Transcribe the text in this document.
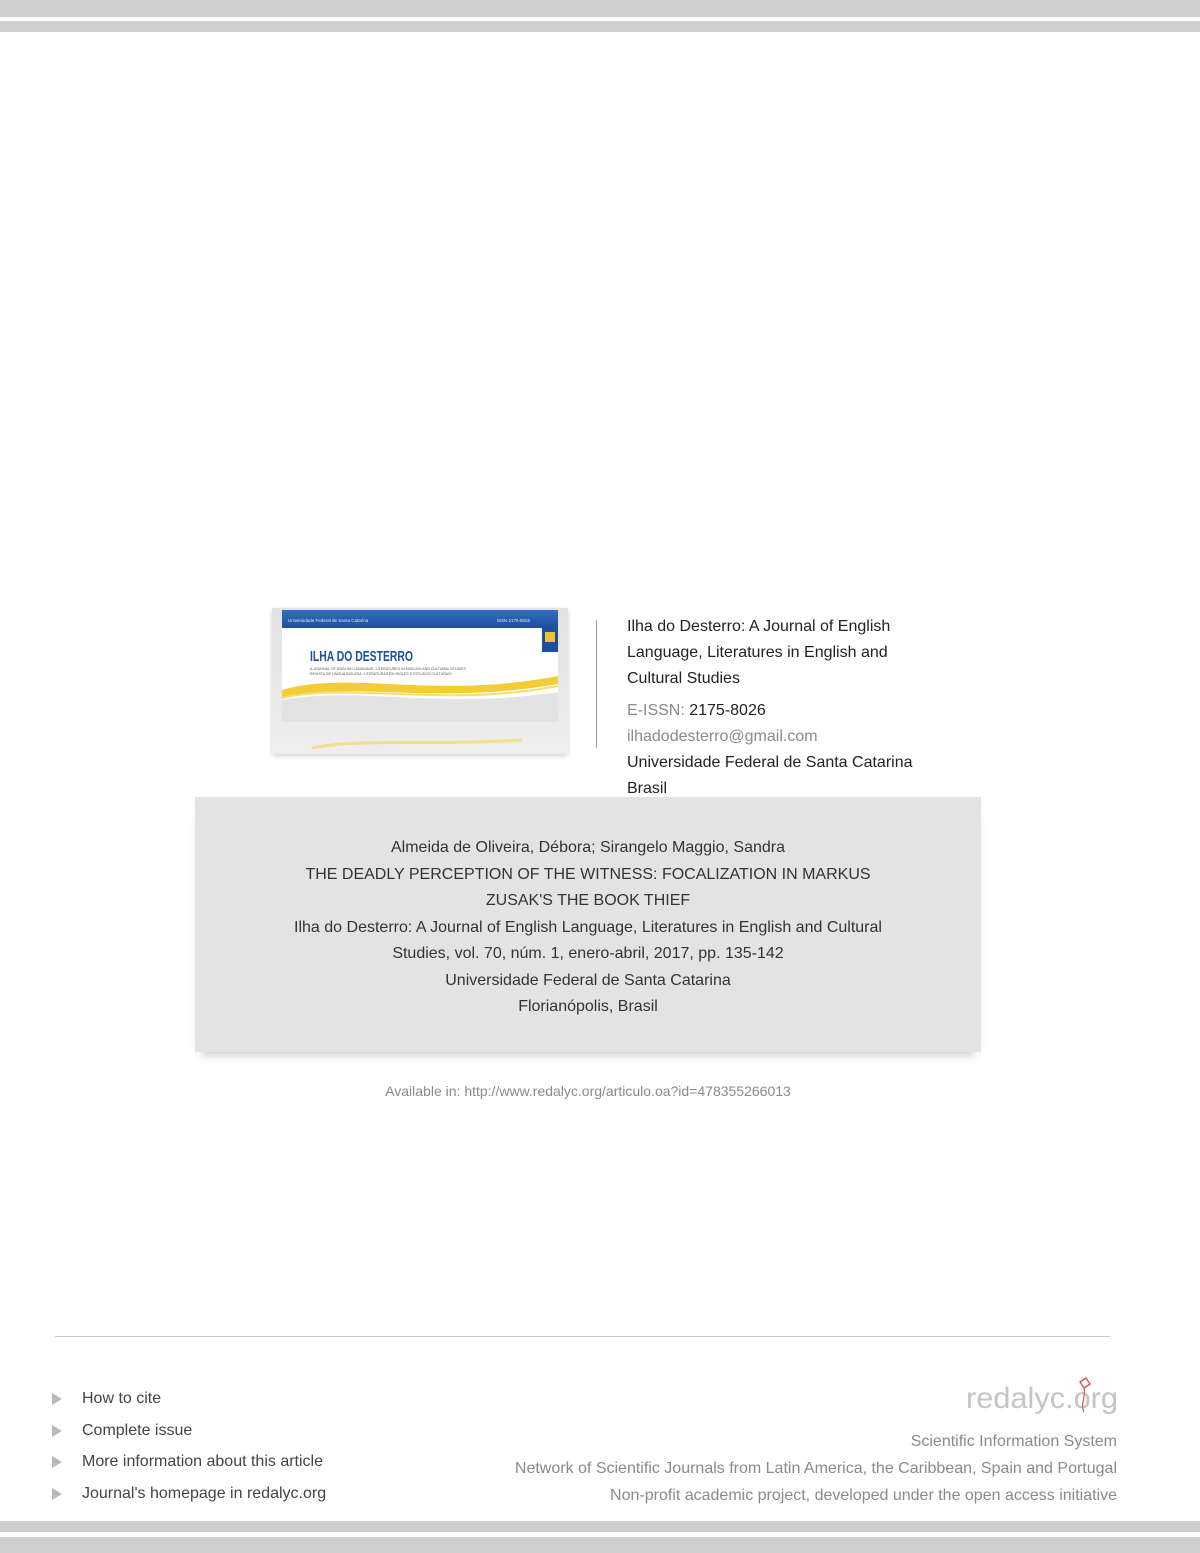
Universidade Federal de Santa Catarina	ISSN 2175-8026
ILHA DO DESTERRO
A JOURNAL OF ENGLISH LANGUAGE, LITERATURES IN ENGLISH AND CULTURAL STUDIES
REVISTA DE LINGUA INGLESA, LITERATURAS EM INGLES E ESTUDOS CULTURAIS
Ilha do Desterro: A Journal of English
Language, Literatures in English and
Cultural Studies
E-ISSN: 2175-8026
ilhadodesterro@gmail.com
Universidade Federal de Santa Catarina
Brasil
Almeida de Oliveira, Débora; Sirangelo Maggio, Sandra
THE DEADLY PERCEPTION OF THE WITNESS: FOCALIZATION IN MARKUS
ZUSAK'S THE BOOK THIEF
Ilha do Desterro: A Journal of English Language, Literatures in English and Cultural
Studies, vol. 70, núm. 1, enero-abril, 2017, pp. 135-142
Universidade Federal de Santa Catarina
Florianópolis, Brasil
Available in: http://www.redalyc.org/articulo.oa?id=478355266013
How to cite
Complete issue
More information about this article
Journal's homepage in redalyc.org
redalyc.org
Scientific Information System
Network of Scientific Journals from Latin America, the Caribbean, Spain and Portugal
Non-profit academic project, developed under the open access initiative
